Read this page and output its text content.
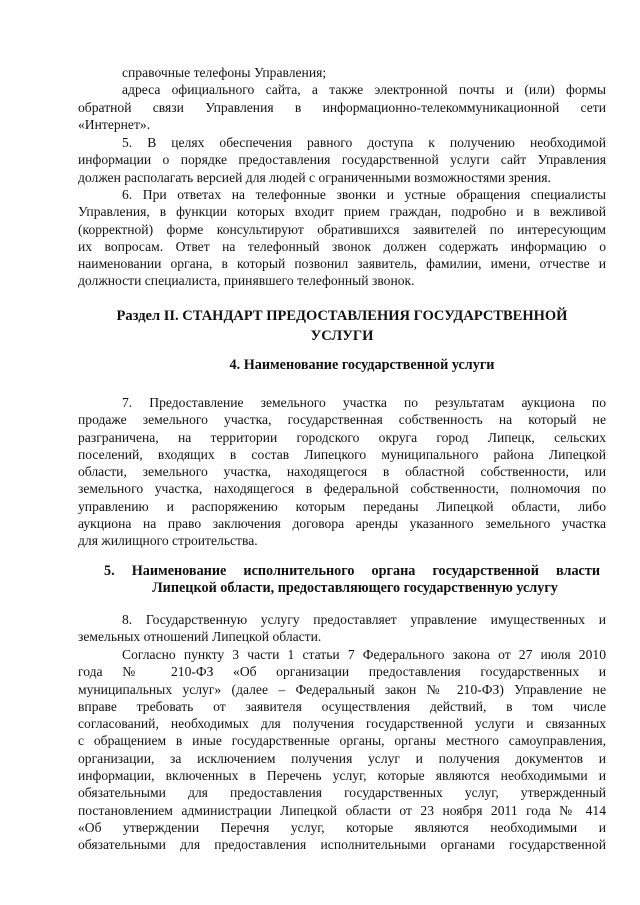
справочные телефоны Управления;
адреса официального сайта, а также электронной почты и (или) формы
обратной связи Управления в информационно-телекоммуникационной сети
«Интернет».
5. В целях обеспечения равного доступа к получению необходимой
информации о порядке предоставления государственной услуги сайт Управления
должен располагать версией для людей с ограниченными возможностями зрения.
6. При ответах на телефонные звонки и устные обращения специалисты
Управления, в функции которых входит прием граждан, подробно и в вежливой
(корректной) форме консультируют обратившихся заявителей по интересующим
их вопросам. Ответ на телефонный звонок должен содержать информацию о
наименовании органа, в который позвонил заявитель, фамилии, имени, отчестве и
должности специалиста, принявшего телефонный звонок.
Раздел II. СТАНДАРТ ПРЕДОСТАВЛЕНИЯ ГОСУДАРСТВЕННОЙ
УСЛУГИ
4. Наименование государственной услуги
7. Предоставление земельного участка по результатам аукциона по
продаже земельного участка, государственная собственность на который не
разграничена, на территории городского округа город Липецк, сельских
поселений, входящих в состав Липецкого муниципального района Липецкой
области, земельного участка, находящегося в областной собственности, или
земельного участка, находящегося в федеральной собственности, полномочия по
управлению и распоряжению которым переданы Липецкой области, либо
аукциона на право заключения договора аренды указанного земельного участка
для жилищного строительства.
5. Наименование исполнительного органа государственной власти
Липецкой области, предоставляющего государственную услугу
8. Государственную услугу предоставляет управление имущественных и
земельных отношений Липецкой области.
Согласно пункту 3 части 1 статьи 7 Федерального закона от 27 июля 2010
года № 210-ФЗ «Об организации предоставления государственных и
муниципальных услуг» (далее – Федеральный закон № 210-ФЗ) Управление не
вправе требовать от заявителя осуществления действий, в том числе
согласований, необходимых для получения государственной услуги и связанных
с обращением в иные государственные органы, органы местного самоуправления,
организации, за исключением получения услуг и получения документов и
информации, включенных в Перечень услуг, которые являются необходимыми и
обязательными для предоставления государственных услуг, утвержденный
постановлением администрации Липецкой области от 23 ноября 2011 года № 414
«Об утверждении Перечня услуг, которые являются необходимыми и
обязательными для предоставления исполнительными органами государственной
